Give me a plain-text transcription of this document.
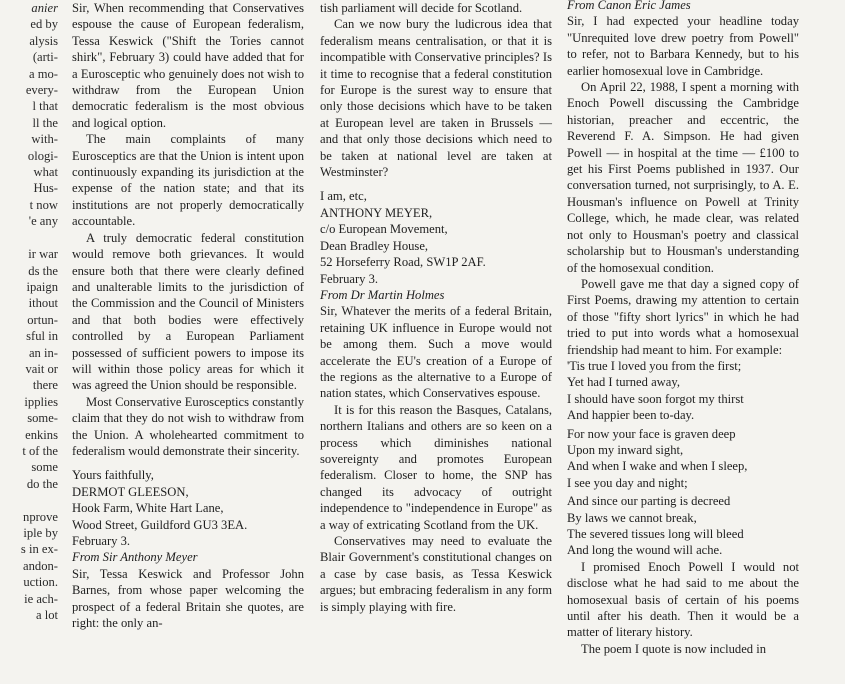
anier
ed by
alysis
(arti-
a mo-
every-
l that
ll the
with-
ologi-
what
Hus-
t now
'e any

ir war
ds the
ipaign
ithout
ortun-
sful in
an in-
vait or
there
ipplies
some-
enkins
t of the
some
do the

nprove
iple by
s in ex-
andon-
uction.
ie ach-
a lot

Sir, When recommending that Conservatives espouse the cause of European federalism, Tessa Keswick ("Shift the Tories cannot shirk", February 3) could have added that for a Eurosceptic who genuinely does not wish to withdraw from the European Union democratic federalism is the most obvious and logical option.

The main complaints of many Eurosceptics are that the Union is intent upon continuously expanding its jurisdiction at the expense of the nation state; and that its institutions are not properly democratically accountable.

A truly democratic federal constitution would remove both grievances. It would ensure both that there were clearly defined and unalterable limits to the jurisdiction of the Commission and the Council of Ministers and that both bodies were effectively controlled by a European Parliament possessed of sufficient powers to impose its will within those policy areas for which it was agreed the Union should be responsible.

Most Conservative Eurosceptics constantly claim that they do not wish to withdraw from the Union. A wholehearted commitment to federalism would demonstrate their sincerity.

Yours faithfully,

DERMOT GLEESON,

Hook Farm, White Hart Lane,

Wood Street, Guildford GU3 3EA.

February 3.

From Sir Anthony Meyer

Sir, Tessa Keswick and Professor John Barnes, from whose paper welcoming the prospect of a federal Britain she quotes, are right: the only an-

tish parliament will decide for Scotland.

Can we now bury the ludicrous idea that federalism means centralisation, or that it is incompatible with Conservative principles? Is it time to recognise that a federal constitution for Europe is the surest way to ensure that only those decisions which have to be taken at European level are taken in Brussels — and that only those decisions which need to be taken at national level are taken at Westminster?

I am, etc,

ANTHONY MEYER,

c/o European Movement,

Dean Bradley House,

52 Horseferry Road, SW1P 2AF.

February 3.

From Dr Martin Holmes

Sir, Whatever the merits of a federal Britain, retaining UK influence in Europe would not be among them. Such a move would accelerate the EU's creation of a Europe of the regions as the alternative to a Europe of nation states, which Conservatives espouse.

It is for this reason the Basques, Catalans, northern Italians and others are so keen on a process which diminishes national sovereignty and promotes European federalism. Closer to home, the SNP has changed its advocacy of outright independence to "independence in Europe" as a way of extricating Scotland from the UK.

Conservatives may need to evaluate the Blair Government's constitutional changes on a case by case basis, as Tessa Keswick argues; but embracing federalism in any form is simply playing with fire.

From Canon Eric James

Sir, I had expected your headline today "Unrequited love drew poetry from Powell" to refer, not to Barbara Kennedy, but to his earlier homosexual love in Cambridge.

On April 22, 1988, I spent a morning with Enoch Powell discussing the Cambridge historian, preacher and eccentric, the Reverend F. A. Simpson. He had given Powell — in hospital at the time — £100 to get his First Poems published in 1937. Our conversation turned, not surprisingly, to A. E. Housman's influence on Powell at Trinity College, which, he made clear, was related not only to Housman's poetry and classical scholarship but to Housman's understanding of the homosexual condition.

Powell gave me that day a signed copy of First Poems, drawing my attention to certain of those "fifty short lyrics" in which he had tried to put into words what a homosexual friendship had meant to him. For example:

'Tis true I loved you from the first;
Yet had I turned away,
I should have soon forgot my thirst
And happier been to-day.
For now your face is graven deep
Upon my inward sight,
And when I wake and when I sleep,
I see you day and night;
And since our parting is decreed
By laws we cannot break,
The severed tissues long will bleed
And long the wound will ache.

I promised Enoch Powell I would not disclose what he had said to me about the homosexual basis of certain of his poems until after his death. Then it would be a matter of literary history.

The poem I quote is now included in
